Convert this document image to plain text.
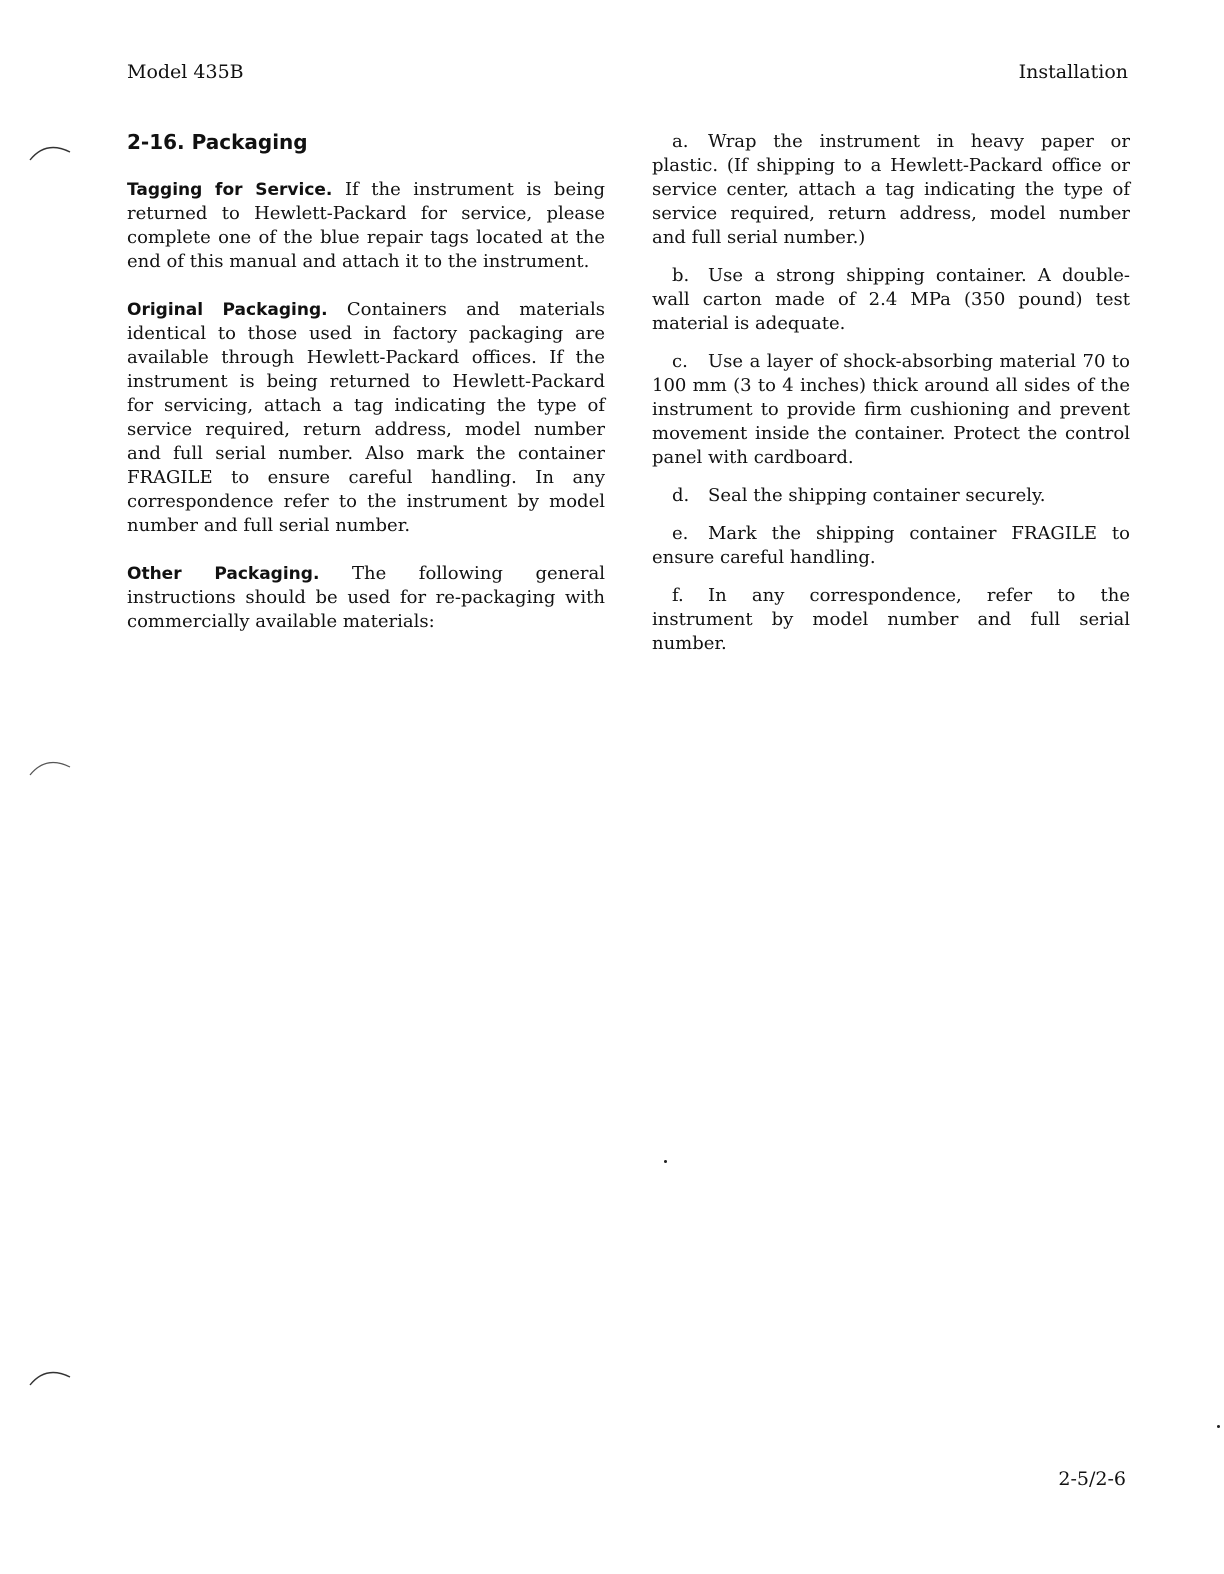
Model 435B	Installation
2-16. Packaging

Tagging for Service. If the instrument is being returned to Hewlett-Packard for service, please complete one of the blue repair tags located at the end of this manual and attach it to the instrument.

Original Packaging. Containers and materials identical to those used in factory packaging are available through Hewlett-Packard offices. If the instrument is being returned to Hewlett-Packard for servicing, attach a tag indicating the type of service required, return address, model number and full serial number. Also mark the container FRAGILE to ensure careful handling. In any correspondence refer to the instrument by model number and full serial number.

Other Packaging. The following general instructions should be used for re-packaging with commercially available materials:

a. Wrap the instrument in heavy paper or plastic. (If shipping to a Hewlett-Packard office or service center, attach a tag indicating the type of service required, return address, model number and full serial number.)

b. Use a strong shipping container. A double-wall carton made of 2.4 MPa (350 pound) test material is adequate.

c. Use a layer of shock-absorbing material 70 to 100 mm (3 to 4 inches) thick around all sides of the instrument to provide firm cushioning and prevent movement inside the container. Protect the control panel with cardboard.

d. Seal the shipping container securely.

e. Mark the shipping container FRAGILE to ensure careful handling.

f. In any correspondence, refer to the instrument by model number and full serial number.

2-5/2-6
